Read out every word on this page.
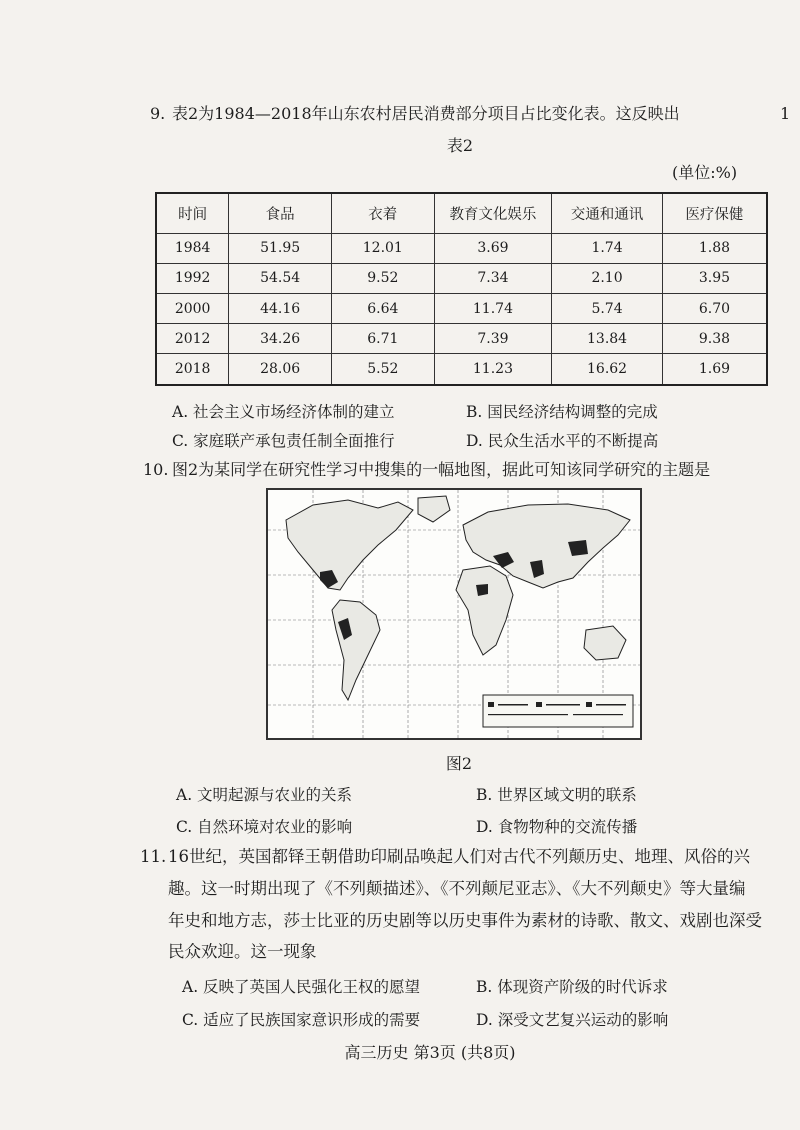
1
9. 表2为1984—2018年山东农村居民消费部分项目占比变化表。这反映出
表2
(单位:%)
时间	食品	衣着	教育文化娱乐	交通和通讯	医疗保健
1984	51.95	12.01	3.69	1.74	1.88
1992	54.54	9.52	7.34	2.10	3.95
2000	44.16	6.64	11.74	5.74	6.70
2012	34.26	6.71	7.39	13.84	9.38
2018	28.06	5.52	11.23	16.62	1.69
A. 社会主义市场经济体制的建立	B. 国民经济结构调整的完成
C. 家庭联产承包责任制全面推行	D. 民众生活水平的不断提高
10. 图2为某同学在研究性学习中搜集的一幅地图，据此可知该同学研究的主题是
图2
A. 文明起源与农业的关系	B. 世界区域文明的联系
C. 自然环境对农业的影响	D. 食物物种的交流传播
11. 16世纪，英国都铎王朝借助印刷品唤起人们对古代不列颠历史、地理、风俗的兴
趣。这一时期出现了《不列颠描述》、《不列颠尼亚志》、《大不列颠史》等大量编
年史和地方志，莎士比亚的历史剧等以历史事件为素材的诗歌、散文、戏剧也深受
民众欢迎。这一现象
A. 反映了英国人民强化王权的愿望	B. 体现资产阶级的时代诉求
C. 适应了民族国家意识形成的需要	D. 深受文艺复兴运动的影响
高三历史 第3页 (共8页)
